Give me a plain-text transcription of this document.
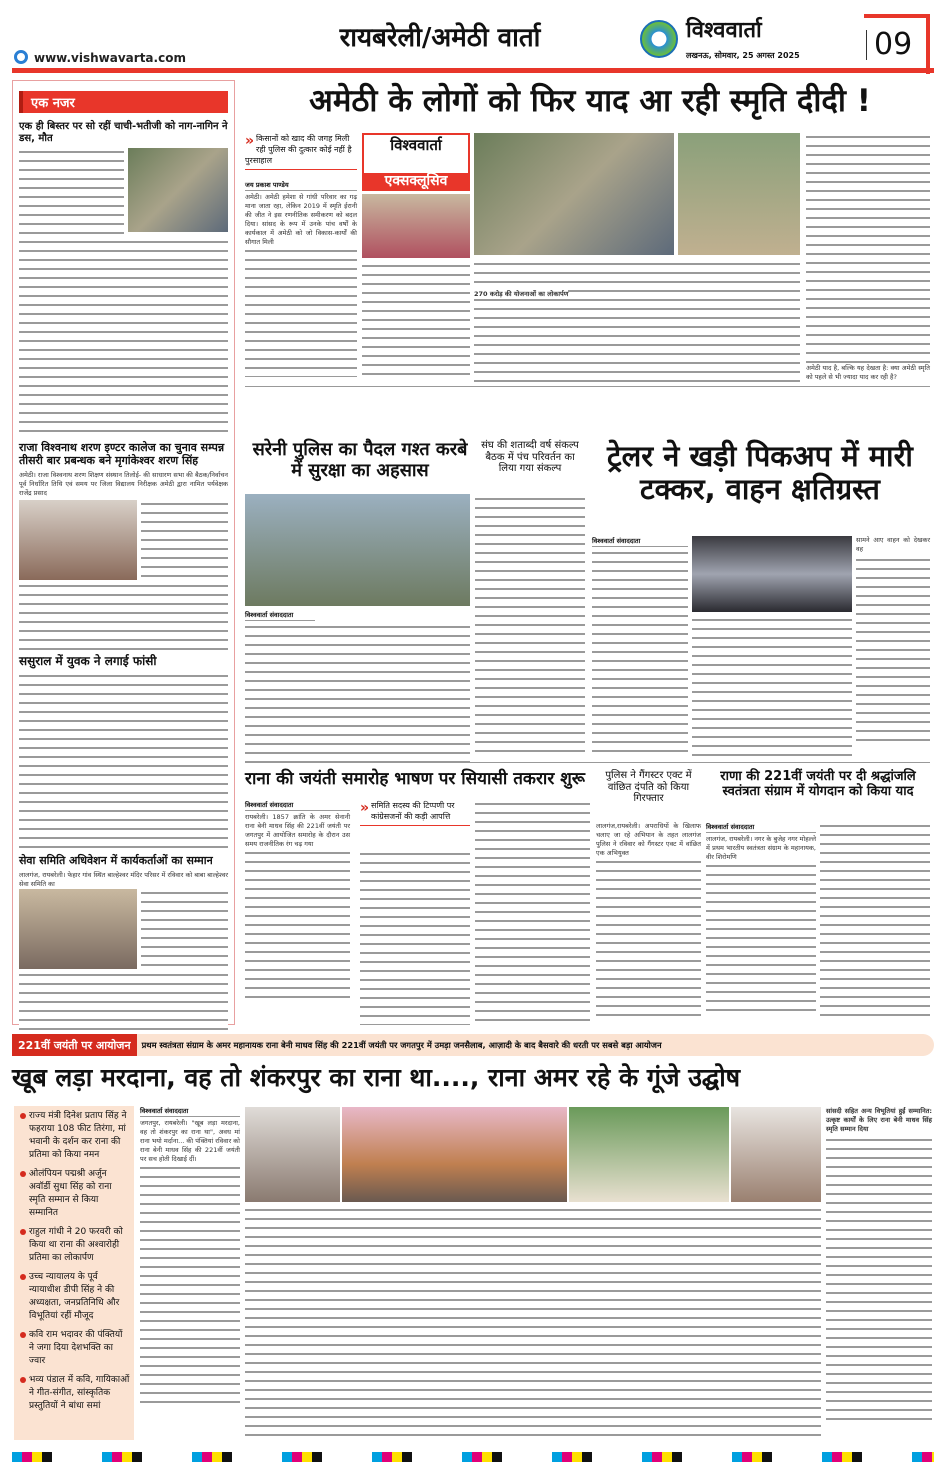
www.vishwavarta.com
रायबरेली/अमेठी वार्ता	विश्ववार्ता
लखनऊ, सोमवार, 25 अगस्त 2025 09
एक नजर
एक ही बिस्तर पर सो रहीं चाची-भतीजी को नाग-नागिन ने डस, मौत
राजा विश्वनाथ शरण इण्टर कालेज का चुनाव सम्पन्न तीसरी बार प्रबन्धक बने मृगांकेश्वर शरण सिंह
अमेठी। राजा विश्वनाथ शरण शिक्षण संस्थान तिलोई- की साधारण सभा की बैठक/निर्वाचन पूर्व निर्धारित तिथि एवं समय पर जिला विद्यालय निरीक्षक अमेठी द्वारा नामित पर्यवेक्षक राजेंद्र प्रसाद
ससुराल में युवक ने लगाई फांसी
सेवा समिति अधिवेशन में कार्यकर्ताओं का सम्मान
लालगंज, रायबरेली। फेहार गांव स्थित बाल्हेश्वर मंदिर परिसर में रविवार को बाबा बाल्हेश्वर सेवा समिति का
अमेठी के लोगों को फिर याद आ रही स्मृति दीदी !
» किसानों को खाद की जगह मिली रही पुलिस की दुत्कार कोई नहीं है पुरसाहाल
जय प्रकाश पाण्डेय
अमेठी। अमेठी हमेशा से गांधी परिवार का गढ़ माना जाता रहा, लेकिन 2019 में स्मृति ईरानी की जीत ने इस रणनीतिक समीकरण को बदल दिया। सांसद के रूप में उनके पांच वर्षों के कार्यकाल में अमेठी को जो विकास-कार्यों की सौगात मिली
विश्ववार्ता
एक्सक्लूसिव
270 करोड़ की योजनाओं का लोकार्पण
अमेठी याद है, बल्कि यह देखता है: क्या अमेठी स्मृति को पहले से भी ज्यादा याद कर रही है?
सरेनी पुलिस का पैदल गश्त करबे में सुरक्षा का अहसास
विश्ववार्ता संवाददाता
संघ की शताब्दी वर्ष संकल्प बैठक में पंच परिवर्तन का लिया गया संकल्प	ट्रेलर ने खड़ी पिकअप में मारी टक्कर, वाहन क्षतिग्रस्त
विश्ववार्ता संवाददाता	सामने आए वाहन को देखकर वह
राना की जयंती समारोह भाषण पर सियासी तकरार शुरू
विश्ववार्ता संवाददाता
रायबरेली। 1857 क्रांति के अमर सेनानी राना बेनी माधव सिंह की 221वीं जयंती पर जगतपुर में आयोजित समारोह के दौरान उस समय राजनीतिक रंग चढ़ गया
» समिति सदस्य की टिप्पणी पर कांग्रेसजनों की कड़ी आपत्ति
पुलिस ने गैंगस्टर एक्ट में वांछित दंपति को किया गिरफ्तार
लालगंज,रायबरेली। अपराधियों के खिलाफ चलाए जा रहे अभियान के तहत लालगंज पुलिस ने रविवार को गैंगस्टर एक्ट में वांछित एक अभियुक्त
राणा की 221वीं जयंती पर दी श्रद्धांजलि स्वतंत्रता संग्राम में योगदान को किया याद
विश्ववार्ता संवाददाता
लालगंज, रायबरेली। नगर के बुजेह नगर मोहल्ले में प्रथम भारतीय स्वतंत्रता संग्राम के महानायक, वीर शिरोमणि
221वीं जयंती पर आयोजन	प्रथम स्वतंत्रता संग्राम के अमर महानायक राना बेनी माधव सिंह की 221वीं जयंती पर जगतपुर में उमड़ा जनसैलाब, आज़ादी के बाद बैसवारे की धरती पर सबसे बड़ा आयोजन
खूब लड़ा मरदाना, वह तो शंकरपुर का राना था...., राना अमर रहे के गूंजे उद्घोष
राज्य मंत्री दिनेश प्रताप सिंह ने फहराया 108 फीट तिरंगा, मां भवानी के दर्शन कर राना की प्रतिमा को किया नमन
ओलंपियन पद्मश्री अर्जुन अवॉर्डी सुधा सिंह को राना स्मृति सम्मान से किया सम्मानित
राहुल गांधी ने 20 फरवरी को किया था राना की अश्वारोही प्रतिमा का लोकार्पण
उच्च न्यायालय के पूर्व न्यायाधीश डीपी सिंह ने की अध्यक्षता, जनप्रतिनिधि और विभूतियां रहीं मौजूद
कवि राम भदावर की पंक्तियों ने जगा दिया देशभक्ति का ज्वार
भव्य पंडाल में कवि, गायिकाओं ने गीत-संगीत, सांस्कृतिक प्रस्तुतियों ने बांधा समां
विश्ववार्ता संवाददाता
जगतपुर, रायबरेली। "खूब लड़ा मरदाना, वह तो शंकरपुर का राना था", अवध मां राना भयो मर्दाना... की पंक्तियां रविवार को राना बेनी माधव सिंह की 221वीं जयंती पर सच होती दिखाई दीं।
सांसदी सहित अन्य विभूतियां हुईं सम्मानित: उत्कृष्ट कार्यों के लिए राना बेनी माधव सिंह स्मृति सम्मान दिया
